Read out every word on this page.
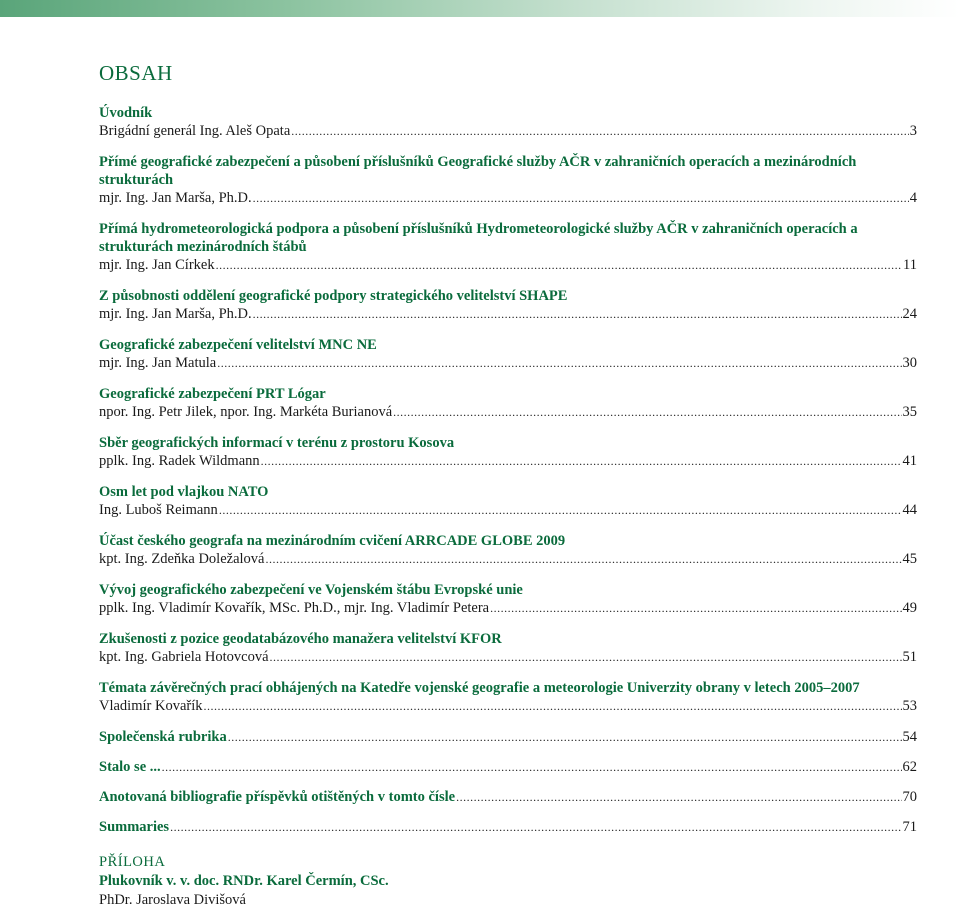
OBSAH
Úvodník
Brigádní generál Ing. Aleš Opata .....	3
Přímé geografické zabezpečení a působení příslušníků Geografické služby AČR v zahraničních operacích a mezinárodních strukturách
mjr. Ing. Jan Marša, Ph.D. .....	4
Přímá hydrometeorologická podpora a působení příslušníků Hydrometeorologické služby AČR v zahraničních operacích a strukturách mezinárodních štábů
mjr. Ing. Jan Církek .....	11
Z působnosti oddělení geografické podpory strategického velitelství SHAPE
mjr. Ing. Jan Marša, Ph.D. .....	24
Geografické zabezpečení velitelství MNC NE
mjr. Ing. Jan Matula .....	30
Geografické zabezpečení PRT Lógar
npor. Ing. Petr Jilek, npor. Ing. Markéta Burianová .....	35
Sběr geografických informací v terénu z prostoru Kosova
pplk. Ing. Radek Wildmann .....	41
Osm let pod vlajkou NATO
Ing. Luboš Reimann .....	44
Účast českého geografa na mezinárodním cvičení ARRCADE GLOBE 2009
kpt. Ing. Zdeňka Doležalová .....	45
Vývoj geografického zabezpečení ve Vojenském štábu Evropské unie
pplk. Ing. Vladimír Kovařík, MSc. Ph.D., mjr. Ing. Vladimír Petera .....	49
Zkušenosti z pozice geodatabázového manažera velitelství KFOR
kpt. Ing. Gabriela Hotovcová .....	51
Témata závěrečných prací obhájených na Katedře vojenské geografie a meteorologie Univerzity obrany v letech 2005–2007
Vladimír Kovařík .....	53
Společenská rubrika .....	54
Stalo se ... .....	62
Anotovaná bibliografie příspěvků otištěných v tomto čísle .....	70
Summaries .....	71
PŘÍLOHA
Plukovník v. v. doc. RNDr. Karel Čermín, CSc.
PhDr. Jaroslava Divišová
